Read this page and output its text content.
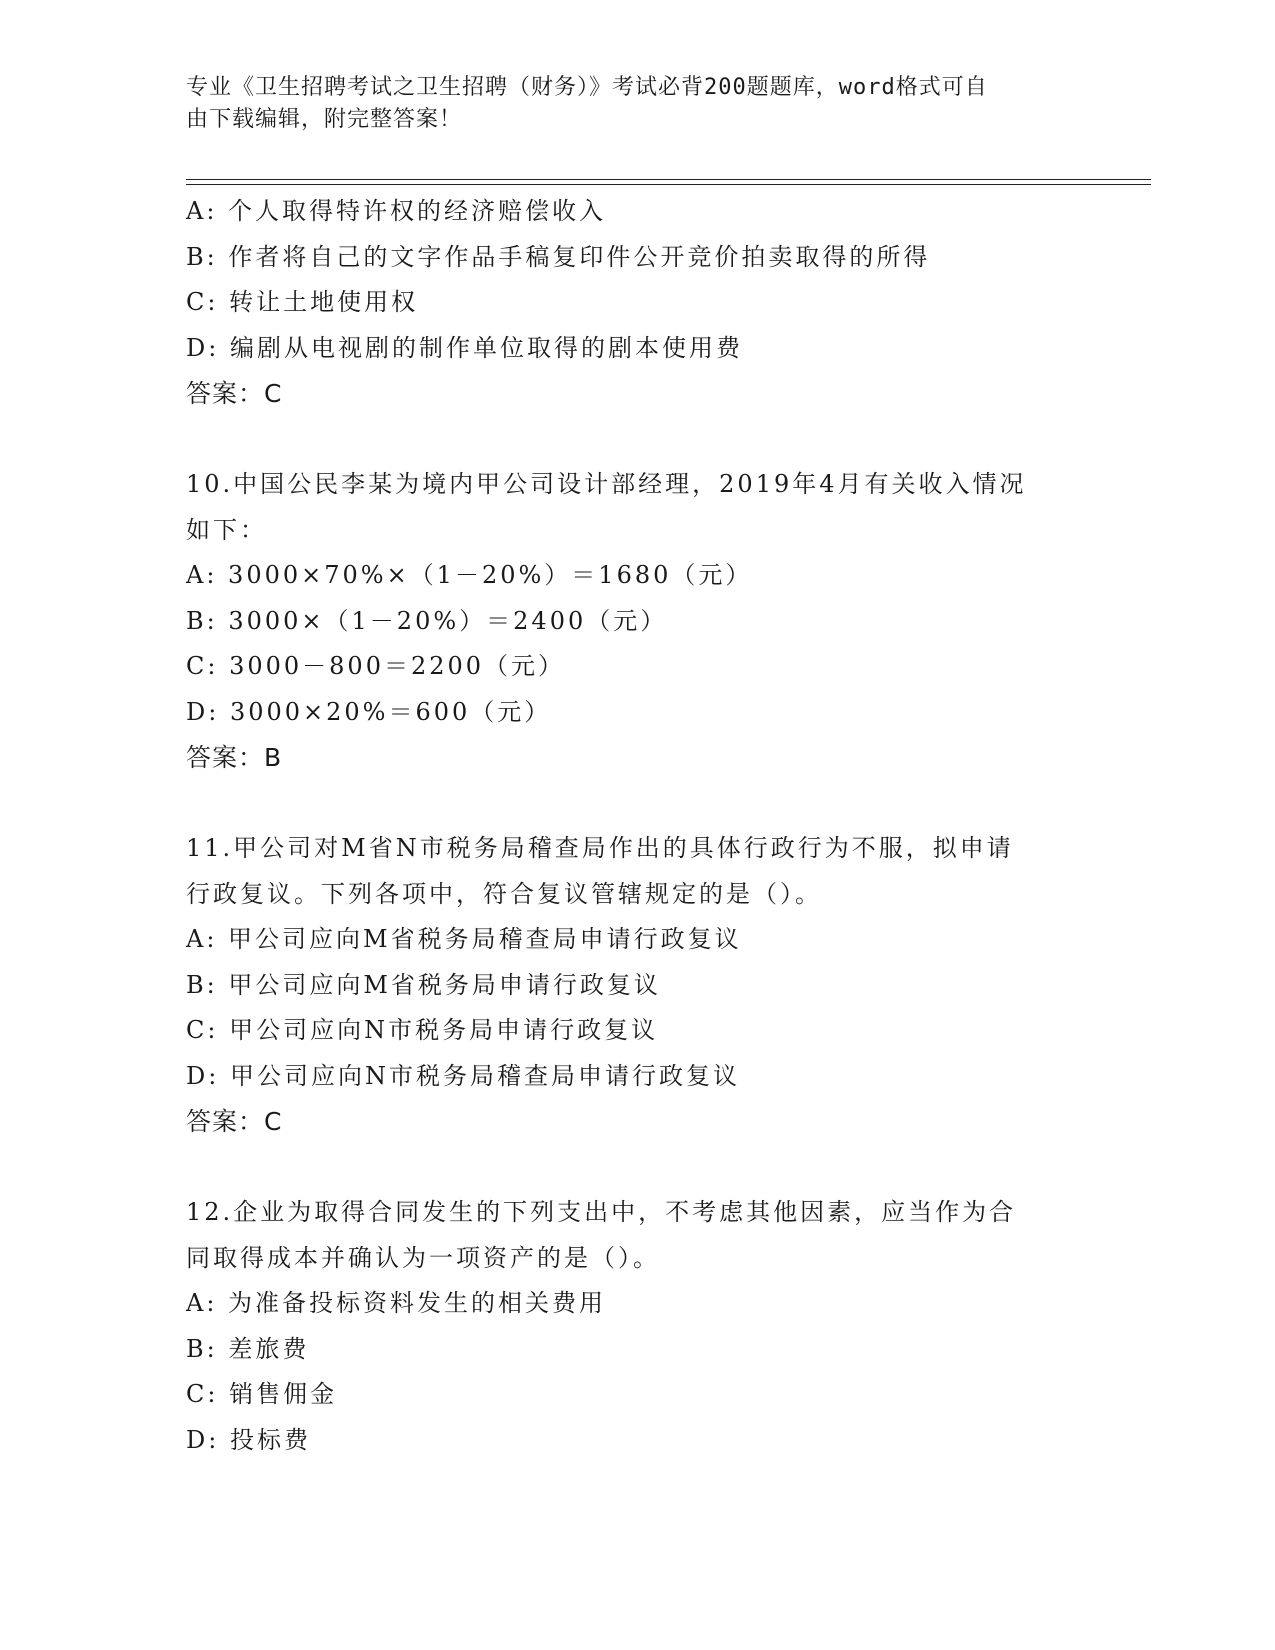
专业《卫生招聘考试之卫生招聘（财务）》考试必背200题题库，word格式可自
由下载编辑，附完整答案！
A: 个人取得特许权的经济赔偿收入
B: 作者将自己的文字作品手稿复印件公开竞价拍卖取得的所得
C: 转让土地使用权
D: 编剧从电视剧的制作单位取得的剧本使用费
答案：C
10.中国公民李某为境内甲公司设计部经理，2019年4月有关收入情况
如下：
A: 3000×70%×（1－20%）＝1680（元）
B: 3000×（1－20%）＝2400（元）
C: 3000－800＝2200（元）
D: 3000×20%＝600（元）
答案：B
11.甲公司对M省N市税务局稽查局作出的具体行政行为不服，拟申请
行政复议。下列各项中，符合复议管辖规定的是（）。
A: 甲公司应向M省税务局稽查局申请行政复议
B: 甲公司应向M省税务局申请行政复议
C: 甲公司应向N市税务局申请行政复议
D: 甲公司应向N市税务局稽查局申请行政复议
答案：C
12.企业为取得合同发生的下列支出中，不考虑其他因素，应当作为合
同取得成本并确认为一项资产的是（）。
A: 为准备投标资料发生的相关费用
B: 差旅费
C: 销售佣金
D: 投标费
